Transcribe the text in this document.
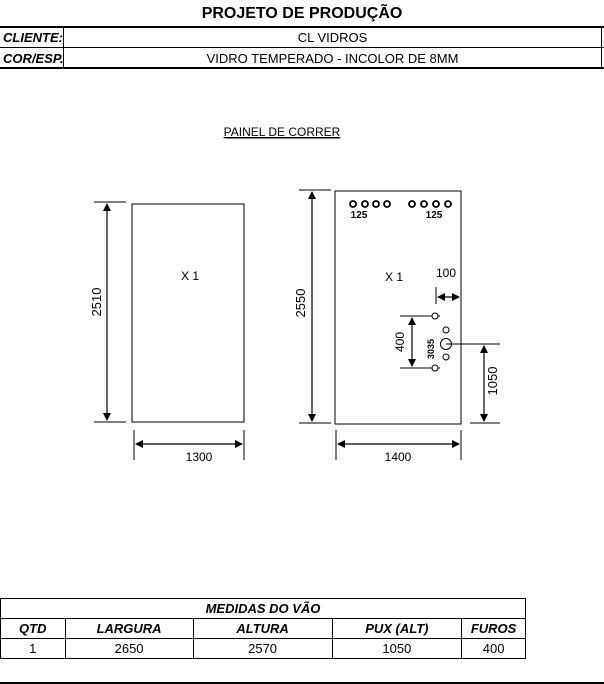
PROJETO DE PRODUÇÃO
CLIENTE:	CL VIDROS
COR/ESP.	VIDRO TEMPERADO - INCOLOR DE 8MM
PAINEL DE CORRER
X 1
2510
1300
X 1
2550
1400
125	125
100
400 35
30
1050
MEDIDAS DO VÃO				
QTD	LARGURA	ALTURA	PUX (ALT)	FUROS
1	2650	2570	1050	400
